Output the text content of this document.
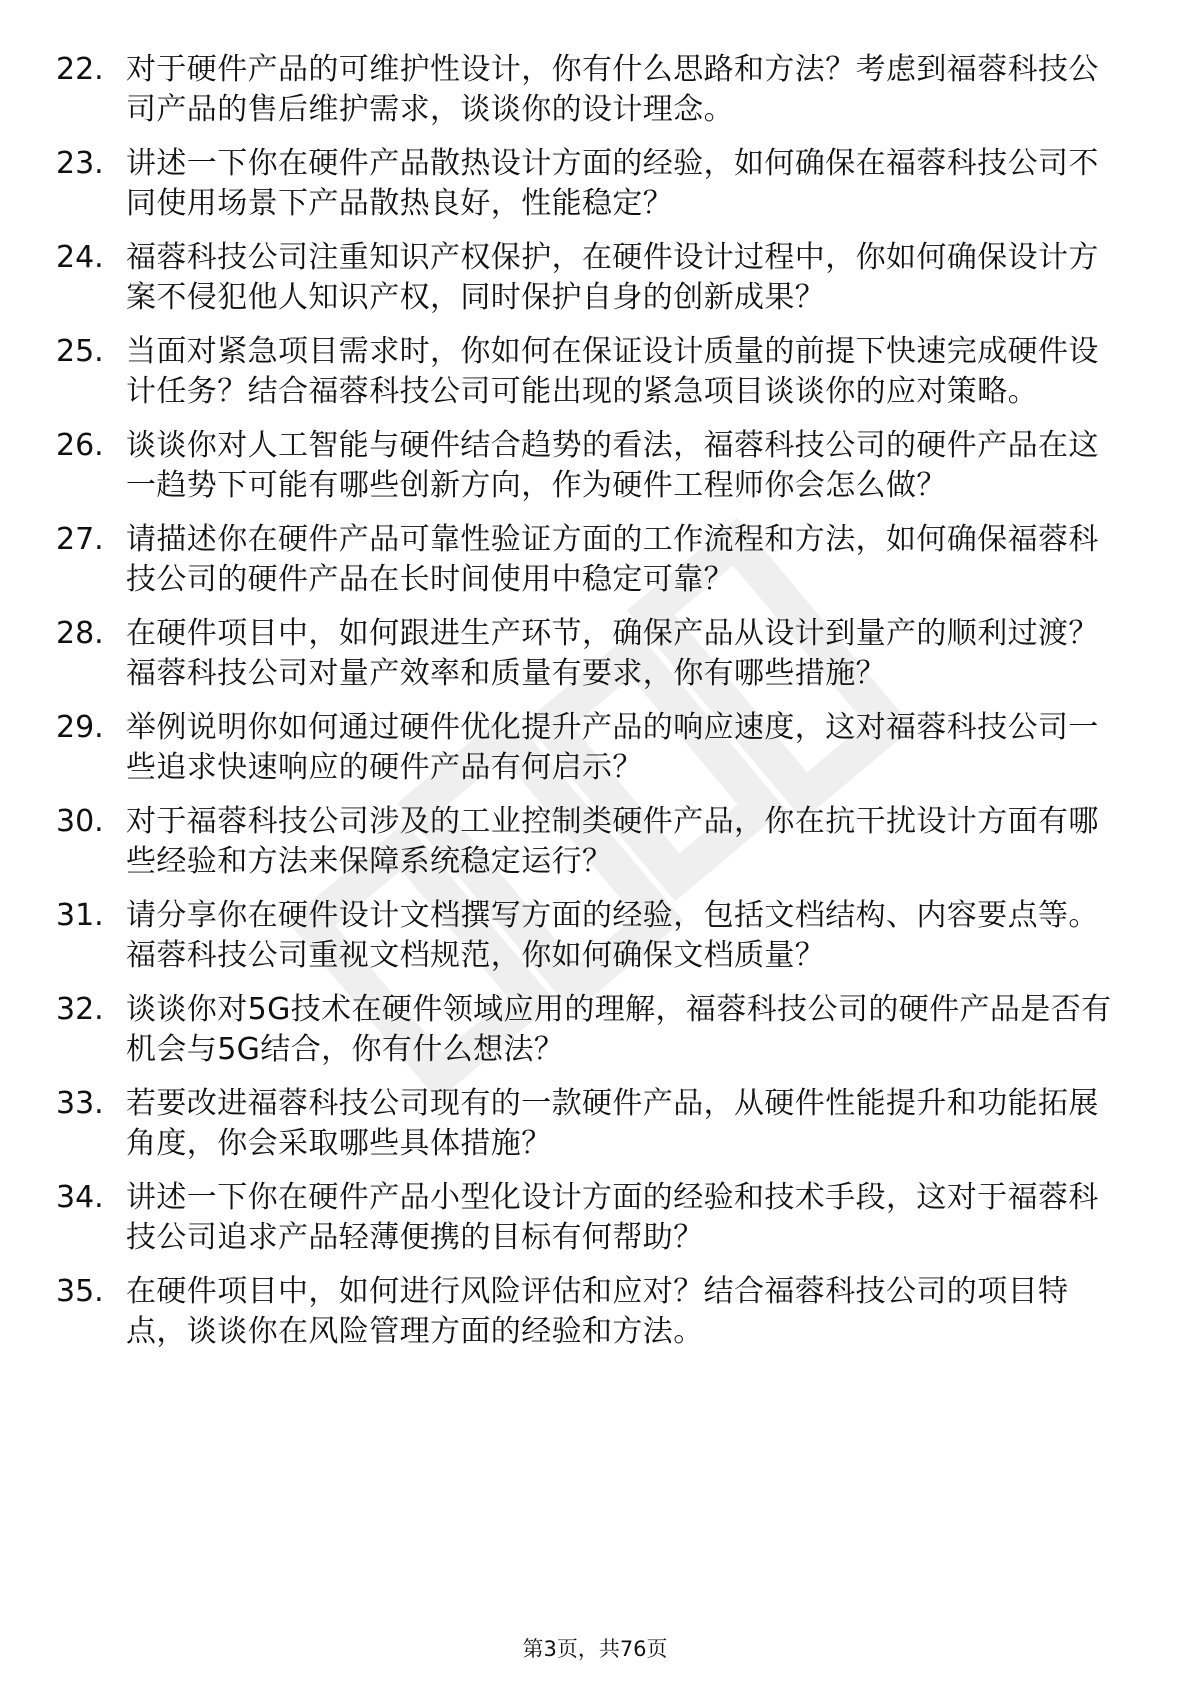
22. 对于硬件产品的可维护性设计，你有什么思路和方法？考虑到福蓉科技公司产品的售后维护需求，谈谈你的设计理念。
23. 讲述一下你在硬件产品散热设计方面的经验，如何确保在福蓉科技公司不同使用场景下产品散热良好，性能稳定？
24. 福蓉科技公司注重知识产权保护，在硬件设计过程中，你如何确保设计方案不侵犯他人知识产权，同时保护自身的创新成果？
25. 当面对紧急项目需求时，你如何在保证设计质量的前提下快速完成硬件设计任务？结合福蓉科技公司可能出现的紧急项目谈谈你的应对策略。
26. 谈谈你对人工智能与硬件结合趋势的看法，福蓉科技公司的硬件产品在这一趋势下可能有哪些创新方向，作为硬件工程师你会怎么做？
27. 请描述你在硬件产品可靠性验证方面的工作流程和方法，如何确保福蓉科技公司的硬件产品在长时间使用中稳定可靠？
28. 在硬件项目中，如何跟进生产环节，确保产品从设计到量产的顺利过渡？福蓉科技公司对量产效率和质量有要求，你有哪些措施？
29. 举例说明你如何通过硬件优化提升产品的响应速度，这对福蓉科技公司一些追求快速响应的硬件产品有何启示？
30. 对于福蓉科技公司涉及的工业控制类硬件产品，你在抗干扰设计方面有哪些经验和方法来保障系统稳定运行？
31. 请分享你在硬件设计文档撰写方面的经验，包括文档结构、内容要点等。福蓉科技公司重视文档规范，你如何确保文档质量？
32. 谈谈你对5G技术在硬件领域应用的理解，福蓉科技公司的硬件产品是否有机会与5G结合，你有什么想法？
33. 若要改进福蓉科技公司现有的一款硬件产品，从硬件性能提升和功能拓展角度，你会采取哪些具体措施？
34. 讲述一下你在硬件产品小型化设计方面的经验和技术手段，这对于福蓉科技公司追求产品轻薄便携的目标有何帮助？
35. 在硬件项目中，如何进行风险评估和应对？结合福蓉科技公司的项目特点，谈谈你在风险管理方面的经验和方法。
第3页，共76页
